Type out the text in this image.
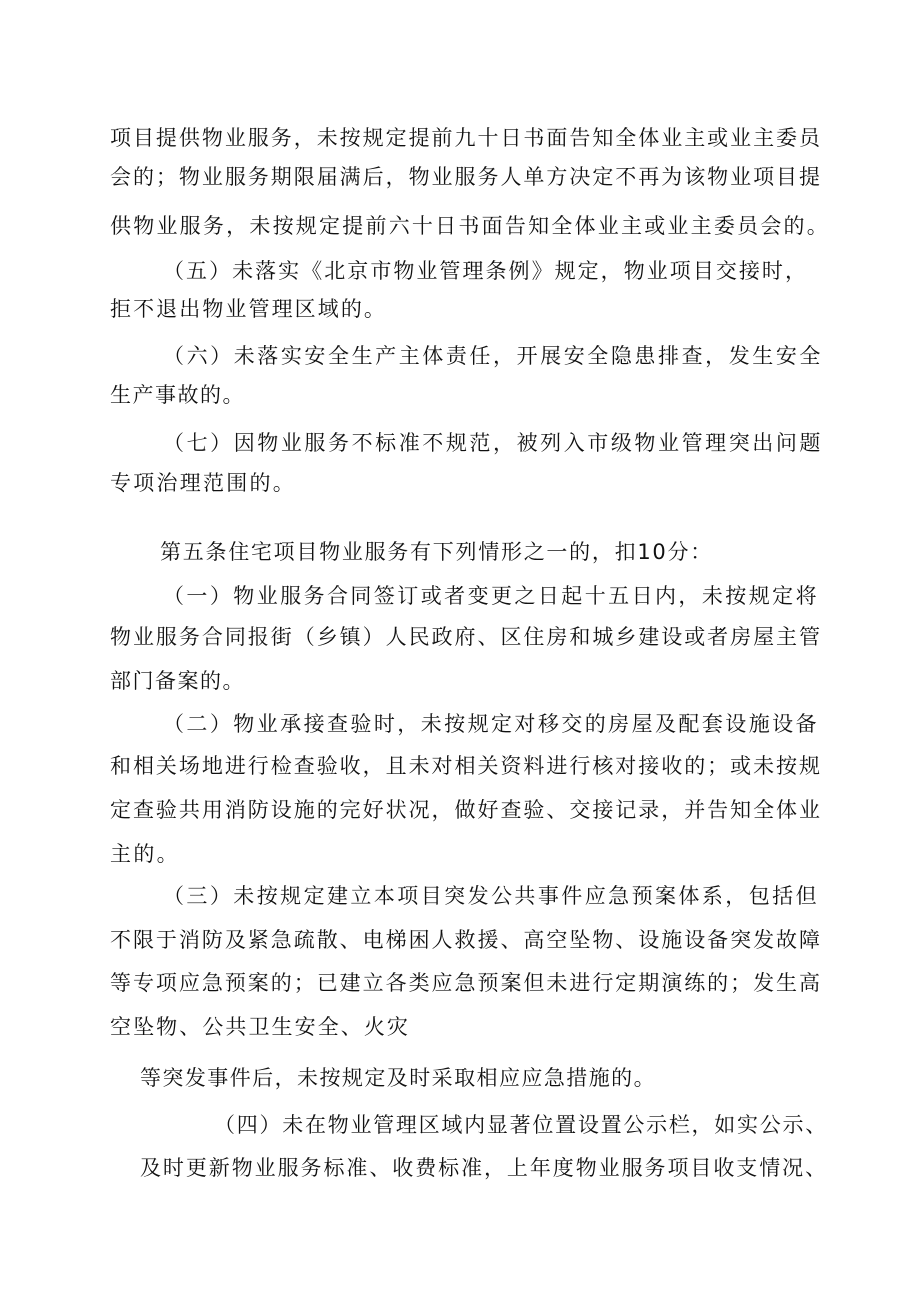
项目提供物业服务，未按规定提前九十日书面告知全体业主或业主委员
会的；物业服务期限届满后，物业服务人单方决定不再为该物业项目提
供物业服务，未按规定提前六十日书面告知全体业主或业主委员会的。
（五）未落实《北京市物业管理条例》规定，物业项目交接时，
拒不退出物业管理区域的。
（六）未落实安全生产主体责任，开展安全隐患排查，发生安全
生产事故的。
（七）因物业服务不标准不规范，被列入市级物业管理突出问题
专项治理范围的。
第五条住宅项目物业服务有下列情形之一的，扣10分：
（一）物业服务合同签订或者变更之日起十五日内，未按规定将
物业服务合同报街（乡镇）人民政府、区住房和城乡建设或者房屋主管
部门备案的。
（二）物业承接查验时，未按规定对移交的房屋及配套设施设备
和相关场地进行检查验收，且未对相关资料进行核对接收的；或未按规
定查验共用消防设施的完好状况，做好查验、交接记录，并告知全体业
主的。
（三）未按规定建立本项目突发公共事件应急预案体系，包括但
不限于消防及紧急疏散、电梯困人救援、高空坠物、设施设备突发故障
等专项应急预案的；已建立各类应急预案但未进行定期演练的；发生高
空坠物、公共卫生安全、火灾
等突发事件后，未按规定及时采取相应应急措施的。
（四）未在物业管理区域内显著位置设置公示栏，如实公示、
及时更新物业服务标准、收费标准，上年度物业服务项目收支情况、
